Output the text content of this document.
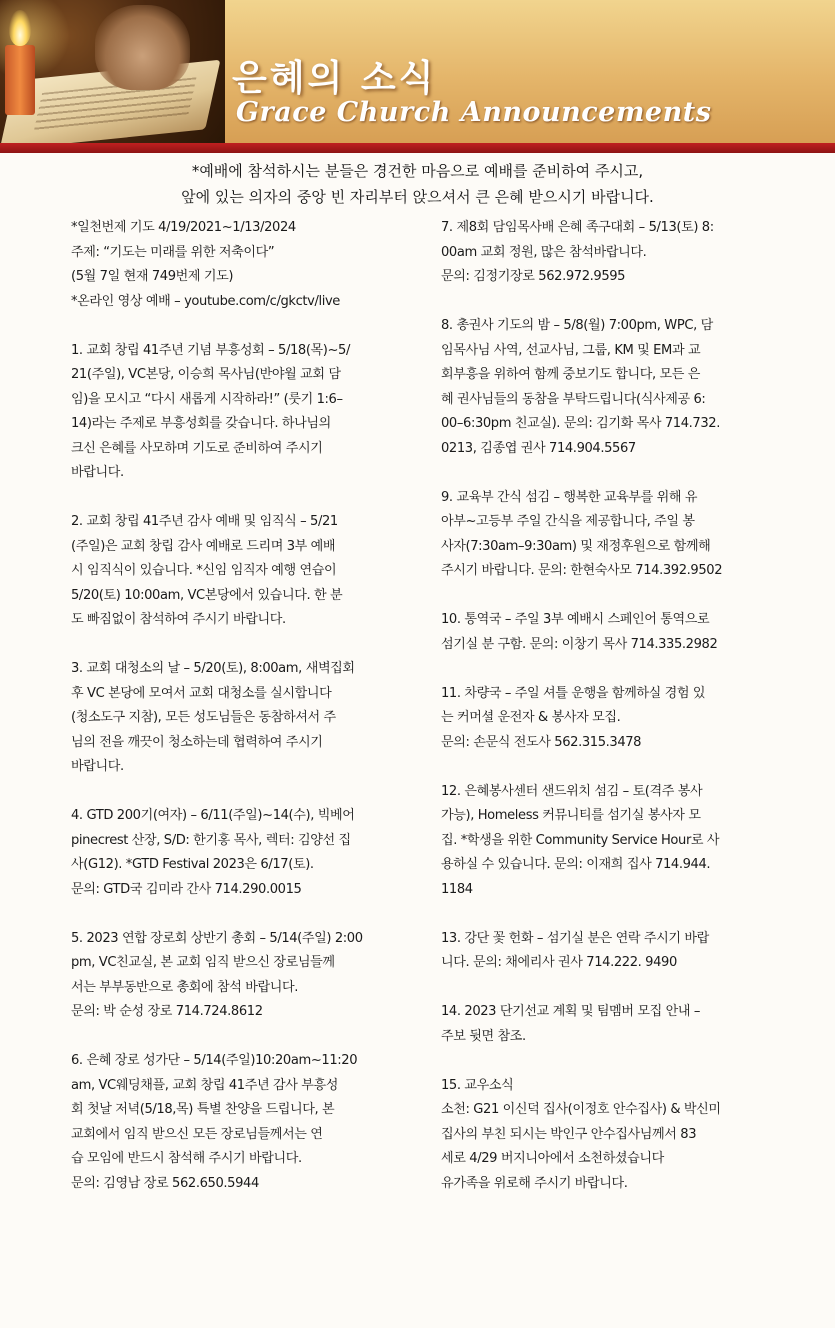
은혜의 소식
Grace Church Announcements
*예배에 참석하시는 분들은 경건한 마음으로 예배를 준비하여 주시고,
앞에 있는 의자의 중앙 빈 자리부터 앉으셔서 큰 은혜 받으시기 바랍니다.
*일천번제 기도 4/19/2021~1/13/2024
주제: “기도는 미래를 위한 저축이다”
(5월 7일 현재 749번제 기도)
*온라인 영상 예배 – youtube.com/c/gkctv/live
1. 교회 창립 41주년 기념 부흥성회 – 5/18(목)~5/
21(주일), VC본당, 이승희 목사님(반야월 교회 담
임)을 모시고 “다시 새롭게 시작하라!” (룻기 1:6–
14)라는 주제로 부흥성회를 갖습니다. 하나님의
크신 은혜를 사모하며 기도로 준비하여 주시기
바랍니다.
2. 교회 창립 41주년 감사 예배 및 임직식 – 5/21
(주일)은 교회 창립 감사 예배로 드리며 3부 예배
시 임직식이 있습니다. *신임 임직자 예행 연습이
5/20(토) 10:00am, VC본당에서 있습니다. 한 분
도 빠짐없이 참석하여 주시기 바랍니다.
3. 교회 대청소의 날 – 5/20(토), 8:00am, 새벽집회
후 VC 본당에 모여서 교회 대청소를 실시합니다
(청소도구 지참), 모든 성도님들은 동참하셔서 주
님의 전을 깨끗이 청소하는데 협력하여 주시기
바랍니다.
4. GTD 200기(여자) – 6/11(주일)~14(수), 빅베어
pinecrest 산장, S/D: 한기홍 목사, 렉터: 김양선 집
사(G12). *GTD Festival 2023은 6/17(토).
문의: GTD국 김미라 간사 714.290.0015
5. 2023 연합 장로회 상반기 총회 – 5/14(주일) 2:00
pm, VC친교실, 본 교회 임직 받으신 장로님들께
서는 부부동반으로 총회에 참석 바랍니다.
문의: 박 순성 장로 714.724.8612
6. 은혜 장로 성가단 – 5/14(주일)10:20am~11:20
am, VC웨딩채플, 교회 창립 41주년 감사 부흥성
회 첫날 저녁(5/18,목) 특별 찬양을 드립니다, 본
교회에서 임직 받으신 모든 장로님들께서는 연
습 모임에 반드시 참석해 주시기 바랍니다.
문의: 김영남 장로 562.650.5944
7. 제8회 담임목사배 은혜 족구대회 – 5/13(토) 8:
00am 교회 정원, 많은 참석바랍니다.
문의: 김정기장로 562.972.9595
8. 총권사 기도의 밤 – 5/8(월) 7:00pm, WPC, 담
임목사님 사역, 선교사님, 그룹, KM 및 EM과 교
회부흥을 위하여 함께 중보기도 합니다, 모든 은
혜 권사님들의 동참을 부탁드립니다(식사제공 6:
00–6:30pm 친교실). 문의: 김기화 목사 714.732.
0213, 김종엽 권사 714.904.5567
9. 교육부 간식 섬김 – 행복한 교육부를 위해 유
아부~고등부 주일 간식을 제공합니다, 주일 봉
사자(7:30am–9:30am) 및 재정후원으로 함께해
주시기 바랍니다. 문의: 한현숙사모 714.392.9502
10. 통역국 – 주일 3부 예배시 스페인어 통역으로
섬기실 분 구함. 문의: 이창기 목사 714.335.2982
11. 차량국 – 주일 셔틀 운행을 함께하실 경험 있
는 커머셜 운전자 & 봉사자 모집.
문의: 손문식 전도사 562.315.3478
12. 은혜봉사센터 샌드위치 섬김 – 토(격주 봉사
가능), Homeless 커뮤니티를 섬기실 봉사자 모
집. *학생을 위한 Community Service Hour로 사
용하실 수 있습니다. 문의: 이재희 집사 714.944.
1184
13. 강단 꽃 헌화 – 섬기실 분은 연락 주시기 바랍
니다. 문의: 채에리사 권사 714.222. 9490
14. 2023 단기선교 계획 및 팀멤버 모집 안내 –
주보 뒷면 참조.
15. 교우소식
소천: G21 이신덕 집사(이정호 안수집사) & 박신미
집사의 부친 되시는 박인구 안수집사님께서 83
세로 4/29 버지니아에서 소천하셨습니다
유가족을 위로해 주시기 바랍니다.
